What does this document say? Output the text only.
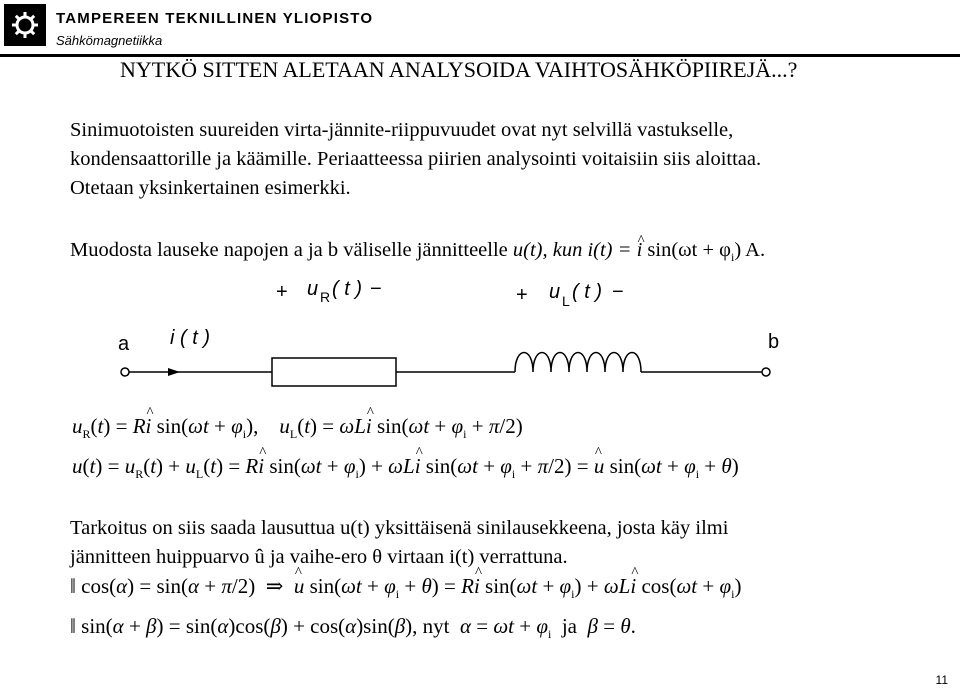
TAMPEREEN TEKNILLINEN YLIOPISTO
Sähkömagnetiikka
NYTKÖ SITTEN ALETAAN ANALYSOIDA VAIHTOSÄHKÖPIIREJÄ...?
Sinimuotoisten suureiden virta-jännite-riippuvuudet ovat nyt selvillä vastukselle,
kondensaattorille ja käämille. Periaatteessa piirien analysointi voitaisiin siis aloittaa.
Otetaan yksinkertainen esimerkki.
Muodosta lauseke napojen a ja b väliselle jännitteelle u(t), kun i(t) = i ^ $\sin(\omega t + \varphi_i)$ A.
+ u R ( t ) −	+ u L ( t ) −
a	b
i ( t )
$u_R(t) = Ri$ ^ $\sin(\omega t + \varphi_i)$,    $u_L(t) = \omega Li$ ^ $\sin(\omega t + \varphi_i + \pi/2)$
$u(t) = u_R(t) + u_L(t) = Ri$ ^ $\sin(\omega t + \varphi_i) + \omega Li$ ^ $\sin(\omega t + \varphi_i + \pi/2) = u$ ^ $\sin(\omega t + \varphi_i + \theta)$
Tarkoitus on siis saada lausuttua u(t) yksittäisenä sinilausekkeena, josta käy ilmi
jännitteen huippuarvo û ja vaihe-ero θ virtaan i(t) verrattuna.
‖ cos(α) = sin(α + π/2)  ⇒  u ^ $\sin(\omega t + \varphi_i + \theta) = Ri$ ^ $\sin(\omega t + \varphi_i) + \omega Li$ ^ $\cos(\omega t + \varphi_i)$
‖ sin(α + β) = sin(α)cos(β) + cos(α)sin(β), nyt  $\alpha = \omega t + \varphi_i$  ja  β = θ.
11
